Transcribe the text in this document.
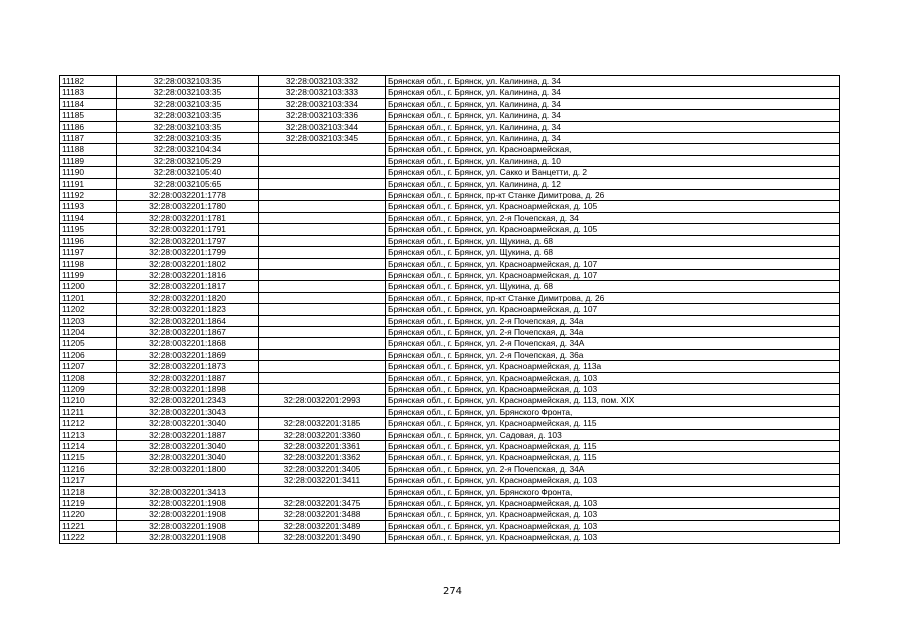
11182	32:28:0032103:35	32:28:0032103:332	Брянская обл., г. Брянск, ул. Калинина, д. 34
11183	32:28:0032103:35	32:28:0032103:333	Брянская обл., г. Брянск, ул. Калинина, д. 34
11184	32:28:0032103:35	32:28:0032103:334	Брянская обл., г. Брянск, ул. Калинина, д. 34
11185	32:28:0032103:35	32:28:0032103:336	Брянская обл., г. Брянск, ул. Калинина, д. 34
11186	32:28:0032103:35	32:28:0032103:344	Брянская обл., г. Брянск, ул. Калинина, д. 34
11187	32:28:0032103:35	32:28:0032103:345	Брянская обл., г. Брянск, ул. Калинина, д. 34
11188	32:28:0032104:34		Брянская обл., г. Брянск, ул. Красноармейская,
11189	32:28:0032105:29		Брянская обл., г. Брянск, ул. Калинина, д. 10
11190	32:28:0032105:40		Брянская обл., г. Брянск, ул. Сакко и Ванцетти, д. 2
11191	32:28:0032105:65		Брянская обл., г. Брянск, ул. Калинина, д. 12
11192	32:28:0032201:1778		Брянская обл., г. Брянск, пр-кт Станке Димитрова, д. 26
11193	32:28:0032201:1780		Брянская обл., г. Брянск, ул. Красноармейская, д. 105
11194	32:28:0032201:1781		Брянская обл., г. Брянск, ул. 2-я Почепская, д. 34
11195	32:28:0032201:1791		Брянская обл., г. Брянск, ул. Красноармейская, д. 105
11196	32:28:0032201:1797		Брянская обл., г. Брянск, ул. Щукина, д. 68
11197	32:28:0032201:1799		Брянская обл., г. Брянск, ул. Щукина, д. 68
11198	32:28:0032201:1802		Брянская обл., г. Брянск, ул. Красноармейская, д. 107
11199	32:28:0032201:1816		Брянская обл., г. Брянск, ул. Красноармейская, д. 107
11200	32:28:0032201:1817		Брянская обл., г. Брянск, ул. Щукина, д. 68
11201	32:28:0032201:1820		Брянская обл., г. Брянск, пр-кт Станке Димитрова, д. 26
11202	32:28:0032201:1823		Брянская обл., г. Брянск, ул. Красноармейская, д. 107
11203	32:28:0032201:1864		Брянская обл., г. Брянск, ул. 2-я Почепская, д. 34а
11204	32:28:0032201:1867		Брянская обл., г. Брянск, ул. 2-я Почепская, д. 34а
11205	32:28:0032201:1868		Брянская обл., г. Брянск, ул. 2-я Почепская, д. 34А
11206	32:28:0032201:1869		Брянская обл., г. Брянск, ул. 2-я Почепская, д. 36а
11207	32:28:0032201:1873		Брянская обл., г. Брянск, ул. Красноармейская, д. 113а
11208	32:28:0032201:1887		Брянская обл., г. Брянск, ул. Красноармейская, д. 103
11209	32:28:0032201:1898		Брянская обл., г. Брянск, ул. Красноармейская, д. 103
11210	32:28:0032201:2343	32:28:0032201:2993	Брянская обл., г. Брянск, ул. Красноармейская, д. 113, пом. XIX
11211	32:28:0032201:3043		Брянская обл., г. Брянск, ул. Брянского Фронта,
11212	32:28:0032201:3040	32:28:0032201:3185	Брянская обл., г. Брянск, ул. Красноармейская, д. 115
11213	32:28:0032201:1887	32:28:0032201:3360	Брянская обл., г. Брянск, ул. Садовая, д. 103
11214	32:28:0032201:3040	32:28:0032201:3361	Брянская обл., г. Брянск, ул. Красноармейская, д. 115
11215	32:28:0032201:3040	32:28:0032201:3362	Брянская обл., г. Брянск, ул. Красноармейская, д. 115
11216	32:28:0032201:1800	32:28:0032201:3405	Брянская обл., г. Брянск, ул. 2-я Почепская, д. 34А
11217		32:28:0032201:3411	Брянская обл., г. Брянск, ул. Красноармейская, д. 103
11218	32:28:0032201:3413		Брянская обл., г. Брянск, ул. Брянского Фронта,
11219	32:28:0032201:1908	32:28:0032201:3475	Брянская обл., г. Брянск, ул. Красноармейская, д. 103
11220	32:28:0032201:1908	32:28:0032201:3488	Брянская обл., г. Брянск, ул. Красноармейская, д. 103
11221	32:28:0032201:1908	32:28:0032201:3489	Брянская обл., г. Брянск, ул. Красноармейская, д. 103
11222	32:28:0032201:1908	32:28:0032201:3490	Брянская обл., г. Брянск, ул. Красноармейская, д. 103
274
